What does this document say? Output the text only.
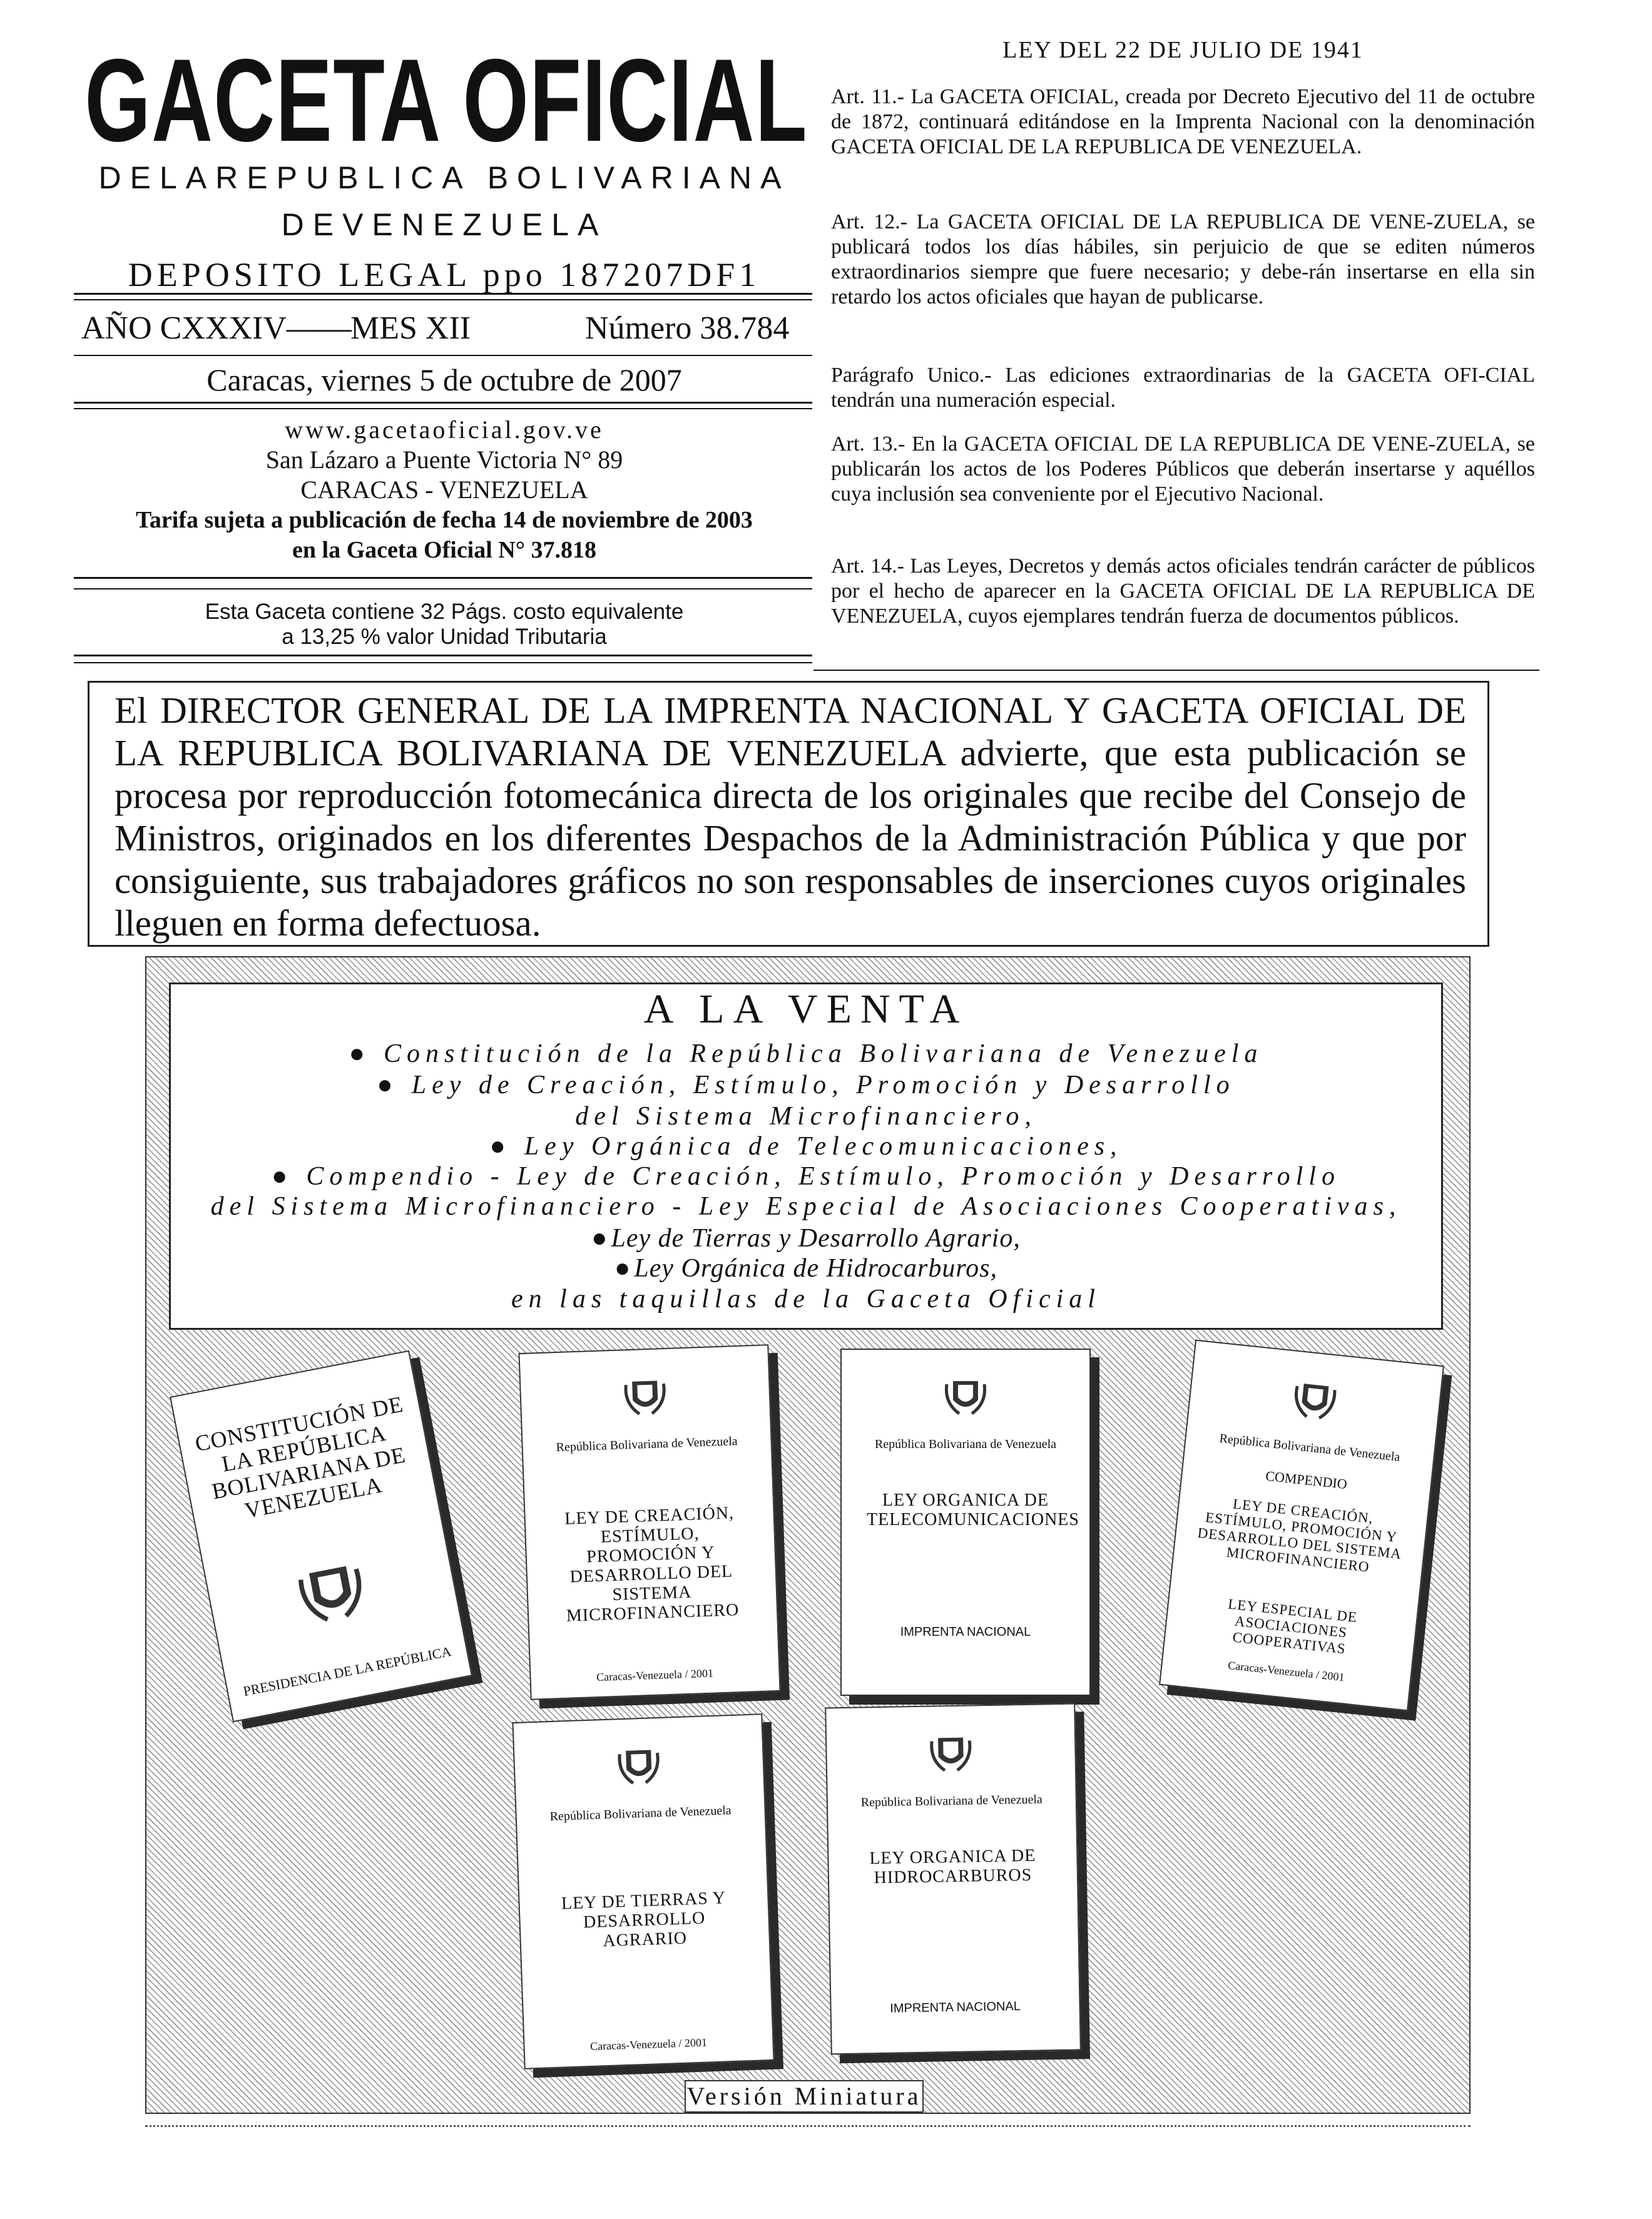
GACETA OFICIAL
DELAREPUBLICA BOLIVARIANA
DEVENEZUELA
DEPOSITO LEGAL ppo 187207DF1
AÑO CXXXIV——
MES XII	Número 38.784
Caracas, viernes 5 de octubre de 2007
www.gacetaoficial.gov.ve
San Lázaro a Puente Victoria N° 89
CARACAS - VENEZUELA
Tarifa sujeta a publicación de fecha 14 de noviembre de 2003
en la Gaceta Oficial N° 37.818
Esta Gaceta contiene 32 Págs. costo equivalente
a 13,25 % valor Unidad Tributaria
LEY DEL 22 DE JULIO DE 1941

Art. 11.- La GACETA OFICIAL, creada por Decreto Ejecutivo del 11 de octubre de 1872, continuará editándose en la Imprenta Nacional con la denominación GACETA OFICIAL DE LA REPUBLICA DE VENEZUELA.

Art. 12.- La GACETA OFICIAL DE LA REPUBLICA DE VENE-ZUELA, se publicará todos los días hábiles, sin perjuicio de que se editen números extraordinarios siempre que fuere necesario; y debe-rán insertarse en ella sin retardo los actos oficiales que hayan de publicarse.

Parágrafo Unico.- Las ediciones extraordinarias de la GACETA OFI-CIAL tendrán una numeración especial.

Art. 13.- En la GACETA OFICIAL DE LA REPUBLICA DE VENE-ZUELA, se publicarán los actos de los Poderes Públicos que deberán insertarse y aquéllos cuya inclusión sea conveniente por el Ejecutivo Nacional.

Art. 14.- Las Leyes, Decretos y demás actos oficiales tendrán carácter de públicos por el hecho de aparecer en la GACETA OFICIAL DE LA REPUBLICA DE VENEZUELA, cuyos ejemplares tendrán fuerza de documentos públicos.

El DIRECTOR GENERAL DE LA IMPRENTA NACIONAL Y GACETA OFICIAL DE LA REPUBLICA BOLIVARIANA DE VENEZUELA advierte, que esta publicación se procesa por reproducción fotomecánica directa de los originales que recibe del Consejo de Ministros, originados en los diferentes Despachos de la Administración Pública y que por consiguiente, sus trabajadores gráficos no son responsables de inserciones cuyos originales lleguen en forma defectuosa.
A LA VENTA
● Constitución de la República Bolivariana de Venezuela
● Ley de Creación, Estímulo, Promoción y Desarrollo
del Sistema Microfinanciero,
● Ley Orgánica de Telecomunicaciones,
● Compendio - Ley de Creación, Estímulo, Promoción y Desarrollo
del Sistema Microfinanciero - Ley Especial de Asociaciones Cooperativas,
● Ley de Tierras y Desarrollo Agrario,
● Ley Orgánica de Hidrocarburos,
en las taquillas de la Gaceta Oficial
CONSTITUCIÓN DE LA REPÚBLICA BOLIVARIANA DE VENEZUELA
PRESIDENCIA DE LA REPÚBLICA
República Bolivariana de Venezuela
LEY DE CREACIÓN, ESTÍMULO, PROMOCIÓN Y DESARROLLO DEL SISTEMA MICROFINANCIERO
Caracas-Venezuela / 2001
República Bolivariana de Venezuela
LEY ORGANICA DE TELECOMUNICACIONES
IMPRENTA NACIONAL
República Bolivariana de Venezuela
COMPENDIO
LEY DE CREACIÓN, ESTÍMULO, PROMOCIÓN Y DESARROLLO DEL SISTEMA MICROFINANCIERO
LEY ESPECIAL DE ASOCIACIONES COOPERATIVAS
Caracas-Venezuela / 2001
República Bolivariana de Venezuela
LEY DE TIERRAS Y DESARROLLO AGRARIO
Caracas-Venezuela / 2001
República Bolivariana de Venezuela
LEY ORGANICA DE HIDROCARBUROS
IMPRENTA NACIONAL
Versión Miniatura
